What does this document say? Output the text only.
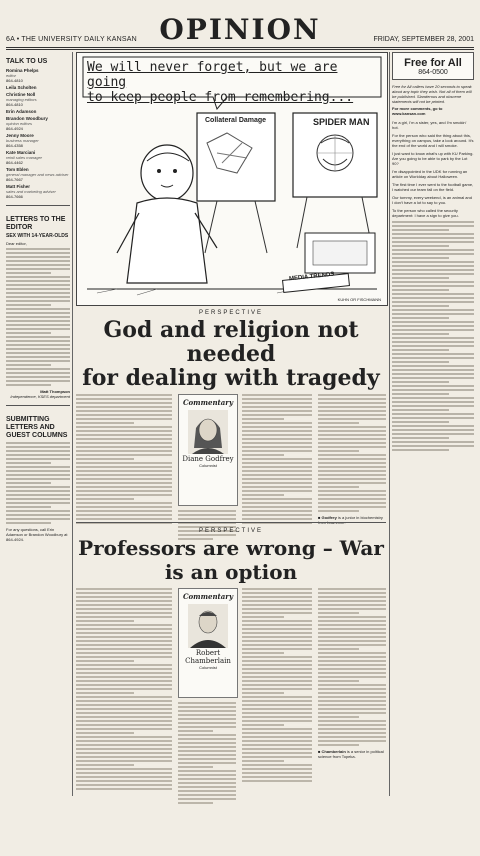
6A • THE UNIVERSITY DAILY KANSAN OPINION	FRIDAY, SEPTEMBER 28, 2001
TALK TO US
Romina Phelps
editor
864-4810
Leila Scholten
Christine Noll
managing editors
864-4810
Erin Adamson
Brandon Woodbury
opinion editors
864-4924
Jenny Moore
business manager
864-4358
Kate Marciani
retail sales manager
864-4462
Tom Eblen
general manager and news adviser
864-7667
Matt Fisher
sales and marketing adviser
864-7666
LETTERS TO THE EDITOR
SEX WITH 14-YEAR-OLDS
Dear editor,
Matt Thompson
Independence, KSES department
SUBMITTING LETTERS AND GUEST COLUMNS
For any questions, call Erin Adamson or Brandon Woodbury at 864-4924.
We will never forget, but we are going
to keep people from remembering...
Collateral Damage	SPIDER MAN
MEDIA TRENDS
KUHN OR FISCHMANN
PERSPECTIVE
God and religion not needed
for dealing with tragedy
Commentary
Diane Godfrey
Columnist
■ Godfrey is a junior in biochemistry
PERSPECTIVE
Professors are wrong – War is an option
Commentary
Robert Chamberlain
Columnist
■ Chamberlain is a senior in political science from Topeka.
Free for All
864-0500
Free for All callers have 20 seconds to speak about any topic they wish. Not all of them will be published. Slanderous and obscene statements will not be printed.
For more comments, go to
www.kansan.com

I'm a girl, I'm a sister, yes, and I'm smokin' hot.

For the person who said the thing about this, everything on campus, take a look around. It's the end of the world and I will smoke.

I just want to know what's up with KU Parking. Are you going to be able to park by the Lot 90?

I'm disappointed in the UDK for running an article on Worldday about Halloween.

The first time I ever went to the football game, I watched our team fall on the field.

Our tommy, every weekend, is an animal and I don't have a lot to say to you.

To the person who called the security department: I have a sign to give you.
